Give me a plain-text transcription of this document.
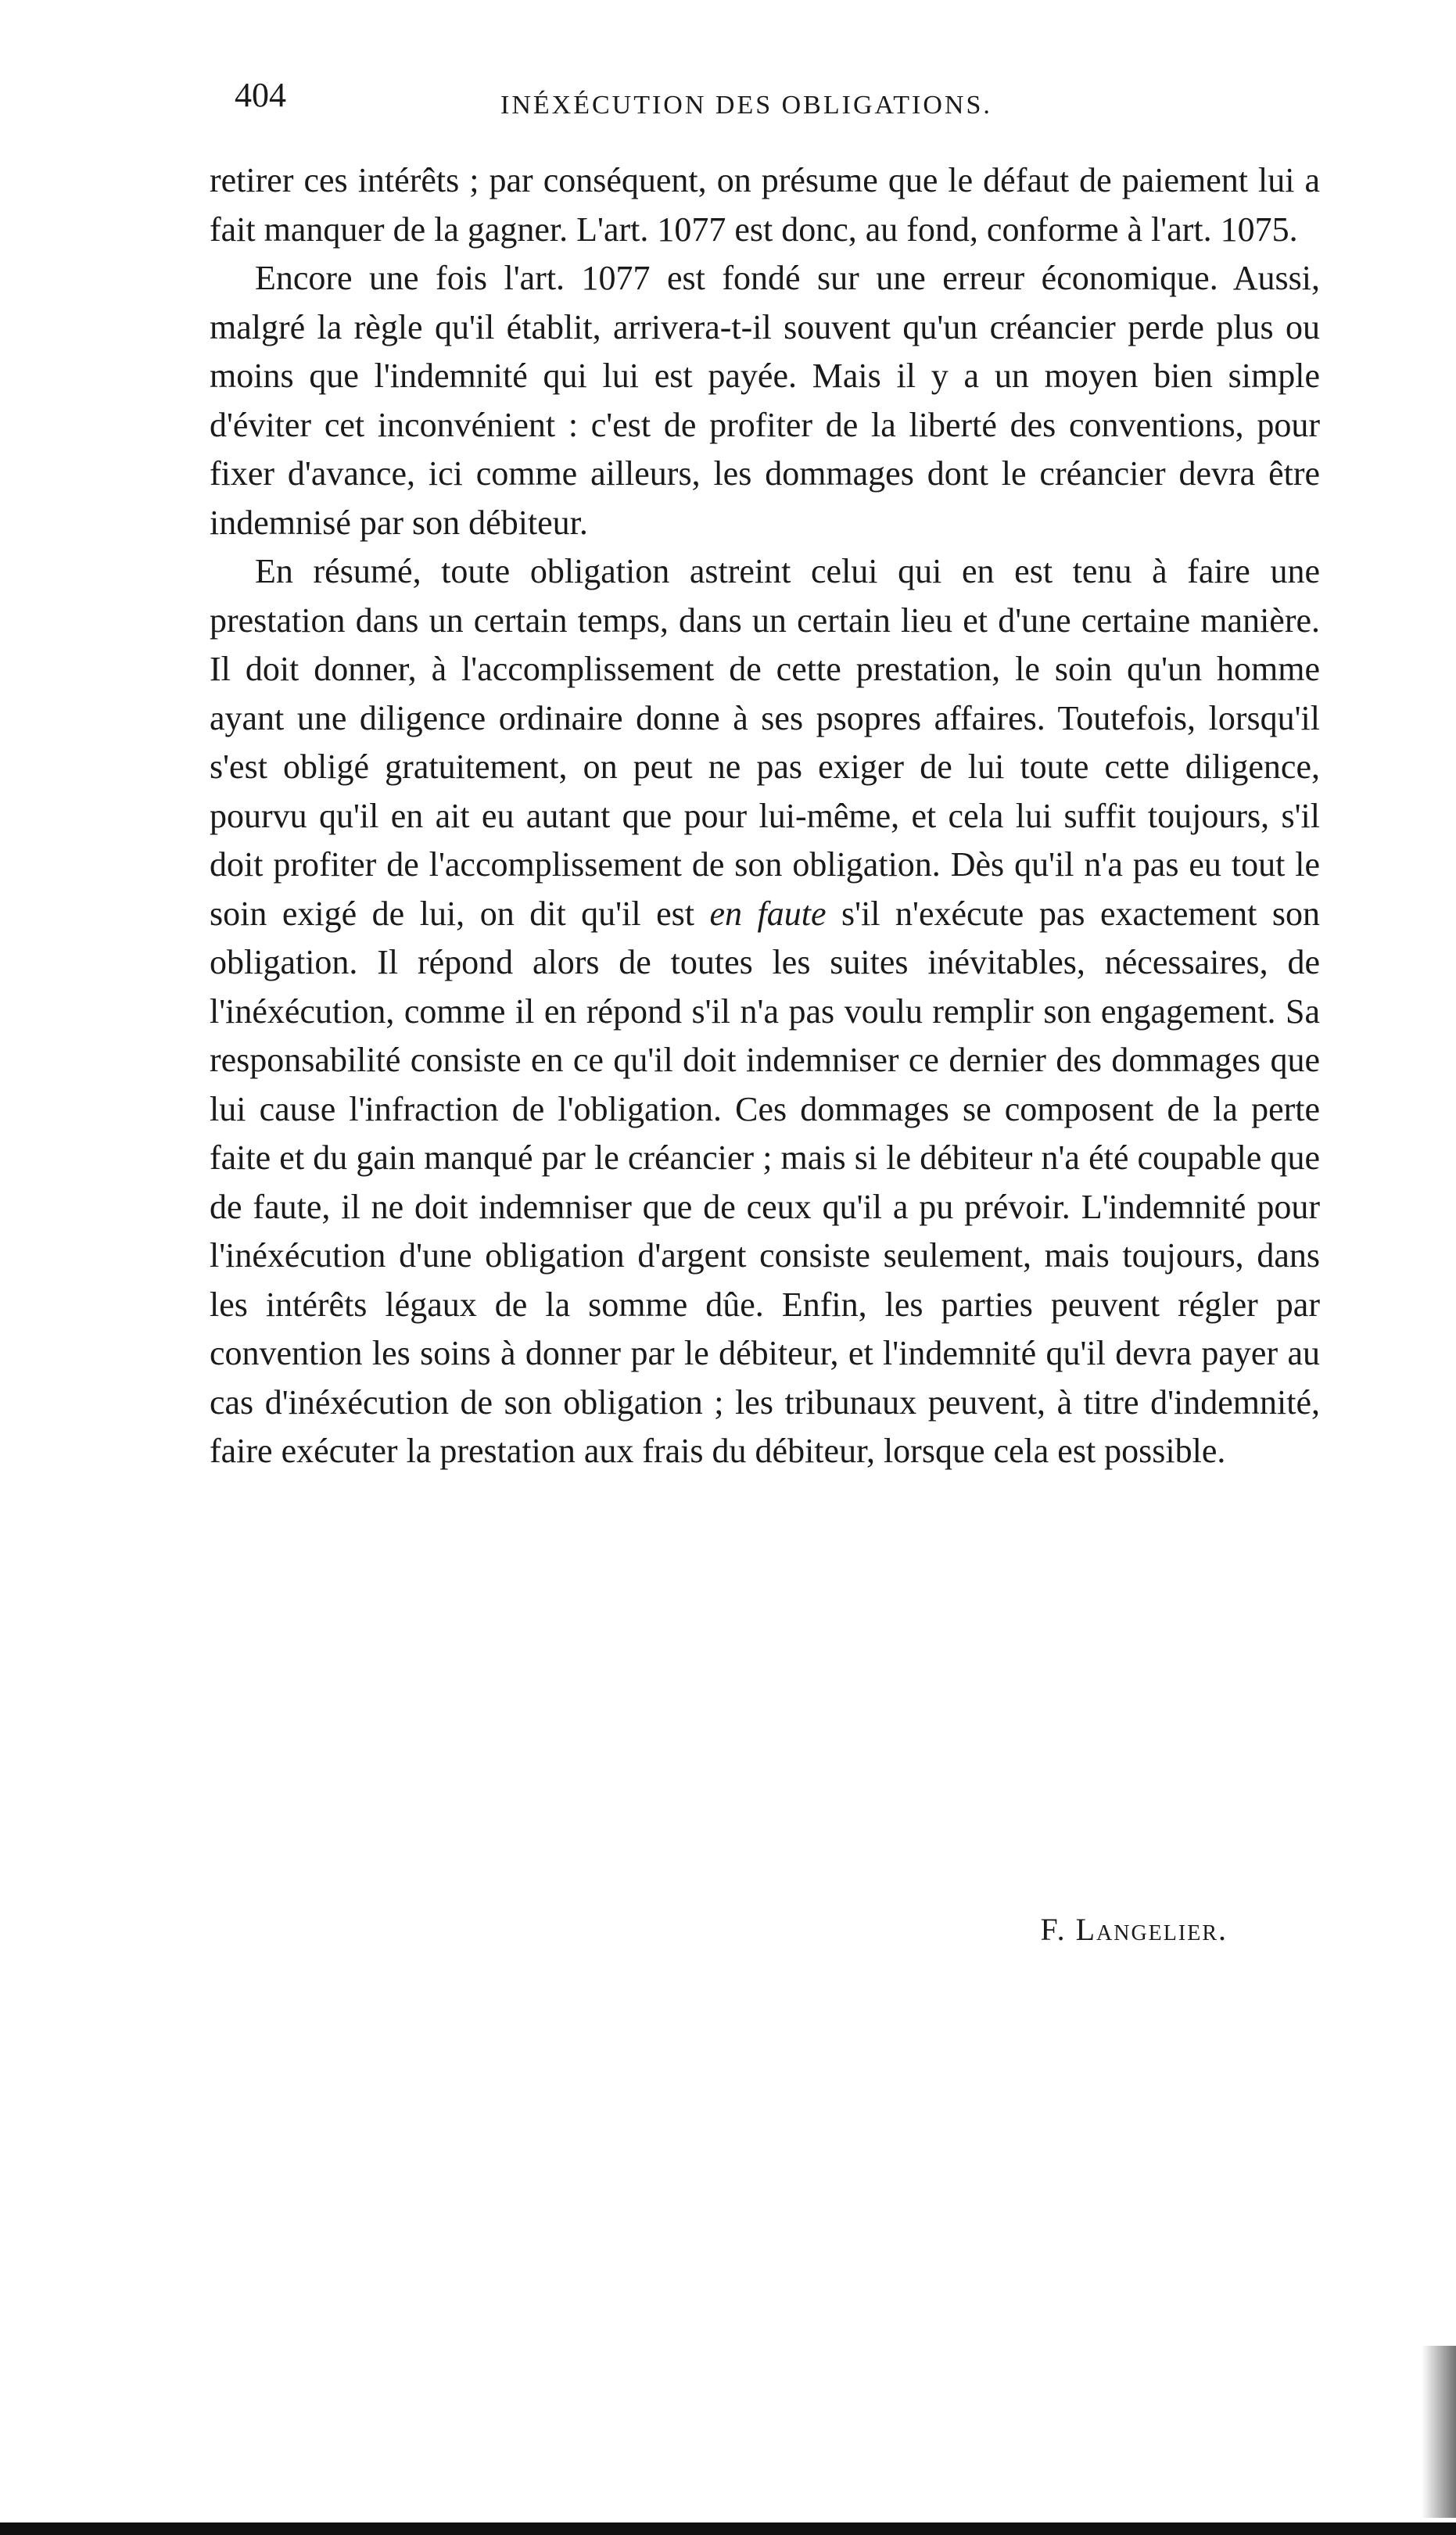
404	INÉXÉCUTION DES OBLIGATIONS.

retirer ces intérêts ; par conséquent, on présume que le défaut de paiement lui a fait manquer de la gagner. L'art. 1077 est donc, au fond, conforme à l'art. 1075.

Encore une fois l'art. 1077 est fondé sur une erreur économique. Aussi, malgré la règle qu'il établit, arrivera-t-il souvent qu'un créancier perde plus ou moins que l'indemnité qui lui est payée. Mais il y a un moyen bien simple d'éviter cet inconvénient : c'est de profiter de la liberté des conventions, pour fixer d'avance, ici comme ailleurs, les dommages dont le créancier devra être indemnisé par son débiteur.

En résumé, toute obligation astreint celui qui en est tenu à faire une prestation dans un certain temps, dans un certain lieu et d'une certaine manière. Il doit donner, à l'accomplissement de cette prestation, le soin qu'un homme ayant une diligence ordinaire donne à ses psopres affaires. Toutefois, lorsqu'il s'est obligé gratuitement, on peut ne pas exiger de lui toute cette diligence, pourvu qu'il en ait eu autant que pour lui-même, et cela lui suffit toujours, s'il doit profiter de l'accomplissement de son obligation. Dès qu'il n'a pas eu tout le soin exigé de lui, on dit qu'il est en faute s'il n'exécute pas exactement son obligation. Il répond alors de toutes les suites inévitables, nécessaires, de l'inéxécution, comme il en répond s'il n'a pas voulu remplir son engagement. Sa responsabilité consiste en ce qu'il doit indemniser ce dernier des dommages que lui cause l'infraction de l'obligation. Ces dommages se composent de la perte faite et du gain manqué par le créancier ; mais si le débiteur n'a été coupable que de faute, il ne doit indemniser que de ceux qu'il a pu prévoir. L'indemnité pour l'inéxécution d'une obligation d'argent consiste seulement, mais toujours, dans les intérêts légaux de la somme dûe. Enfin, les parties peuvent régler par convention les soins à donner par le débiteur, et l'indemnité qu'il devra payer au cas d'inéxécution de son obligation ; les tribunaux peuvent, à titre d'indemnité, faire exécuter la prestation aux frais du débiteur, lorsque cela est possible.

F. Langelier.
